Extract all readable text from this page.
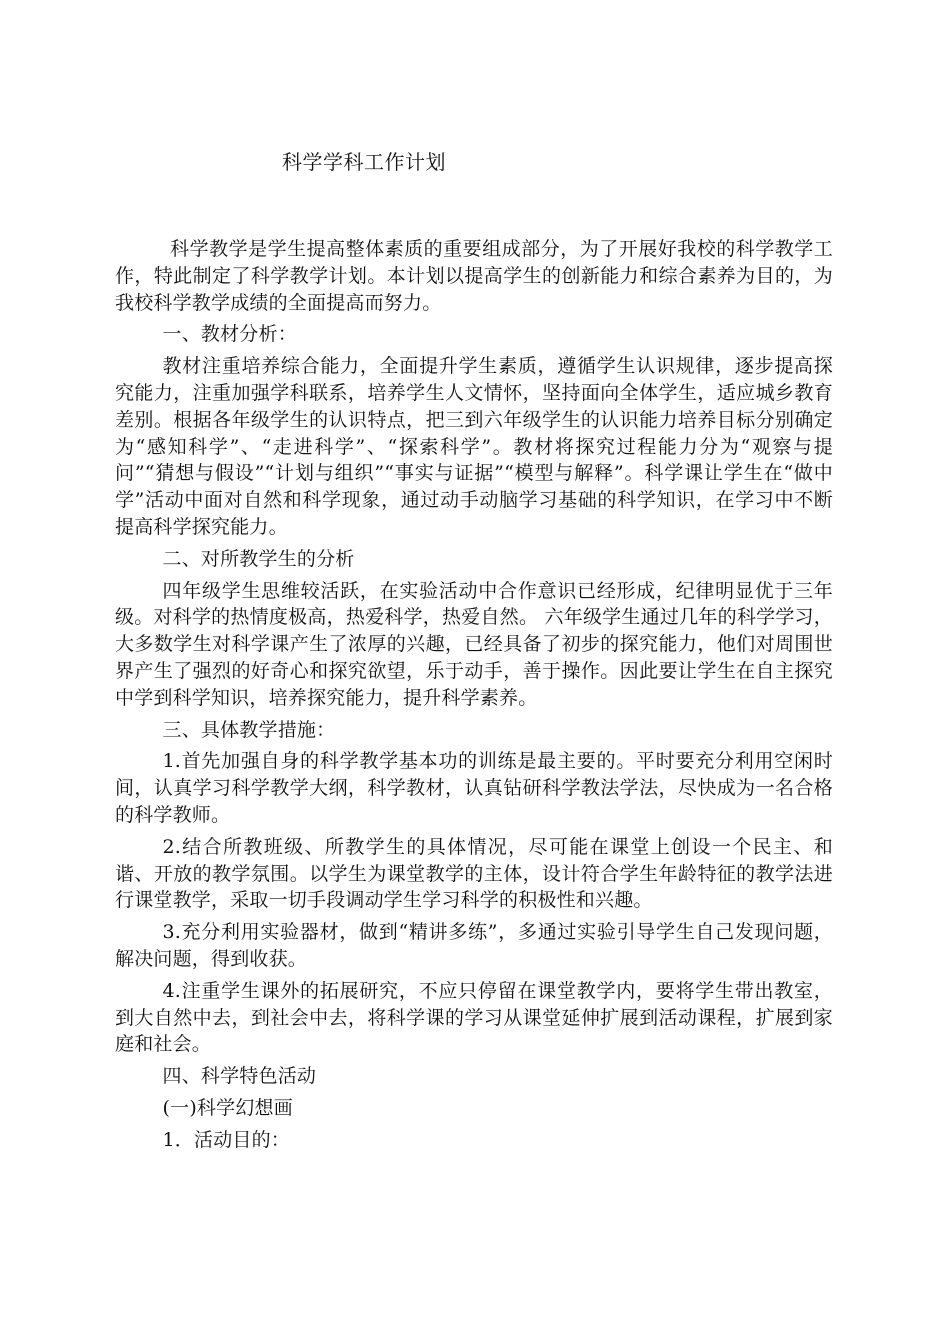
科学学科工作计划

科学教学是学生提高整体素质的重要组成部分，为了开展好我校的科学教学工作，特此制定了科学教学计划。本计划以提高学生的创新能力和综合素养为目的，为我校科学教学成绩的全面提高而努力。

一、教材分析：

教材注重培养综合能力，全面提升学生素质，遵循学生认识规律，逐步提高探究能力，注重加强学科联系，培养学生人文情怀，坚持面向全体学生，适应城乡教育差别。根据各年级学生的认识特点，把三到六年级学生的认识能力培养目标分别确定为“感知科学”、“走进科学”、“探索科学”。教材将探究过程能力分为“观察与提问”“猜想与假设”“计划与组织”“事实与证据”“模型与解释”。科学课让学生在“做中学”活动中面对自然和科学现象，通过动手动脑学习基础的科学知识，在学习中不断提高科学探究能力。

二、对所教学生的分析

四年级学生思维较活跃，在实验活动中合作意识已经形成，纪律明显优于三年级。对科学的热情度极高，热爱科学，热爱自然。 六年级学生通过几年的科学学习，大多数学生对科学课产生了浓厚的兴趣，已经具备了初步的探究能力，他们对周围世界产生了强烈的好奇心和探究欲望，乐于动手，善于操作。因此要让学生在自主探究中学到科学知识，培养探究能力，提升科学素养。

三、具体教学措施：

1.首先加强自身的科学教学基本功的训练是最主要的。平时要充分利用空闲时间，认真学习科学教学大纲，科学教材，认真钻研科学教法学法，尽快成为一名合格的科学教师。

2.结合所教班级、所教学生的具体情况，尽可能在课堂上创设一个民主、和谐、开放的教学氛围。以学生为课堂教学的主体，设计符合学生年龄特征的教学法进行课堂教学，采取一切手段调动学生学习科学的积极性和兴趣。

3.充分利用实验器材，做到“精讲多练”，多通过实验引导学生自己发现问题，解决问题，得到收获。

4.注重学生课外的拓展研究，不应只停留在课堂教学内，要将学生带出教室，到大自然中去，到社会中去，将科学课的学习从课堂延伸扩展到活动课程，扩展到家庭和社会。

四、科学特色活动

(一)科学幻想画

1．活动目的：
